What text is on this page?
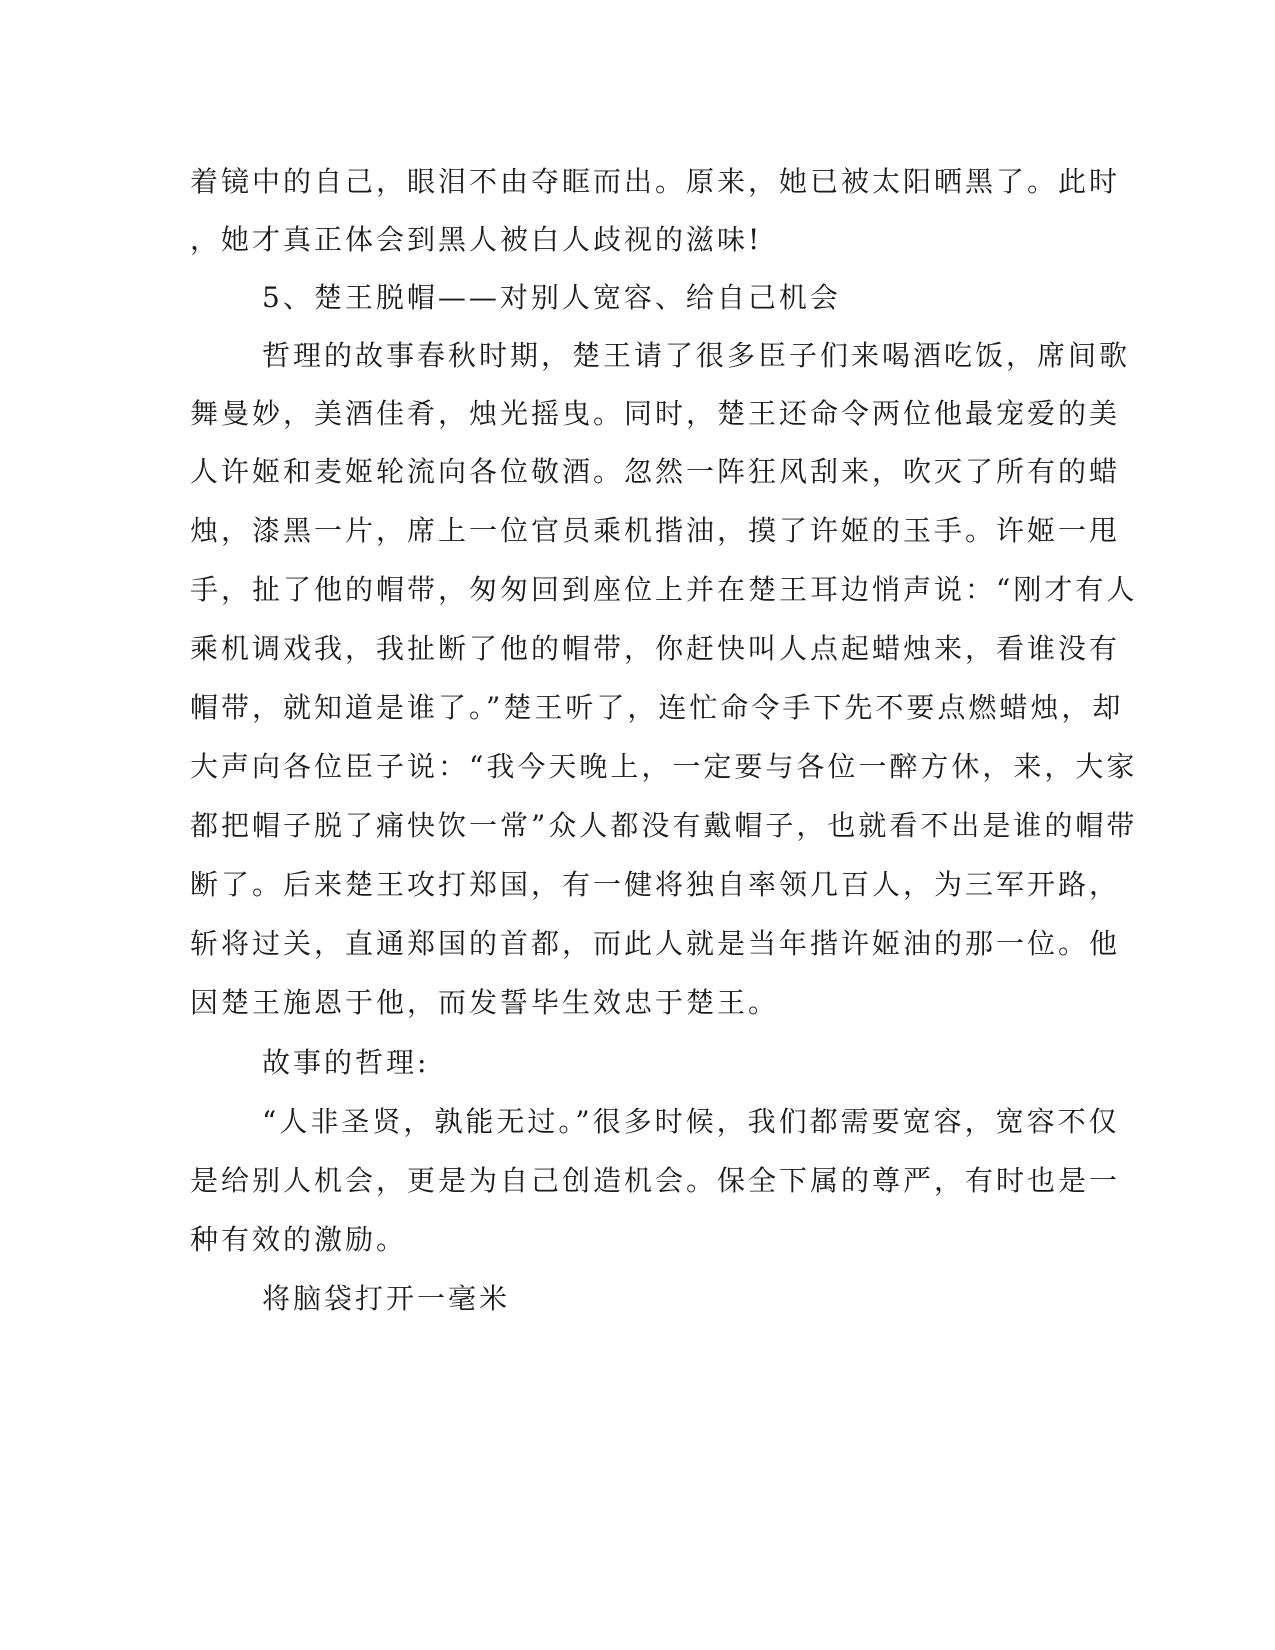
着镜中的自己，眼泪不由夺眶而出。原来，她已被太阳晒黑了。此时
，她才真正体会到黑人被白人歧视的滋味!
5、楚王脱帽——对别人宽容、给自己机会
哲理的故事春秋时期，楚王请了很多臣子们来喝酒吃饭，席间歌
舞曼妙，美酒佳肴，烛光摇曳。同时，楚王还命令两位他最宠爱的美
人许姬和麦姬轮流向各位敬酒。忽然一阵狂风刮来，吹灭了所有的蜡
烛，漆黑一片，席上一位官员乘机揩油，摸了许姬的玉手。许姬一甩
手，扯了他的帽带，匆匆回到座位上并在楚王耳边悄声说：“刚才有人
乘机调戏我，我扯断了他的帽带，你赶快叫人点起蜡烛来，看谁没有
帽带，就知道是谁了。”楚王听了，连忙命令手下先不要点燃蜡烛，却
大声向各位臣子说：“我今天晚上，一定要与各位一醉方休，来，大家
都把帽子脱了痛快饮一常”众人都没有戴帽子，也就看不出是谁的帽带
断了。后来楚王攻打郑国，有一健将独自率领几百人，为三军开路，
斩将过关，直通郑国的首都，而此人就是当年揩许姬油的那一位。他
因楚王施恩于他，而发誓毕生效忠于楚王。
故事的哲理:
“人非圣贤，孰能无过。”很多时候，我们都需要宽容，宽容不仅
是给别人机会，更是为自己创造机会。保全下属的尊严，有时也是一
种有效的激励。
将脑袋打开一毫米
